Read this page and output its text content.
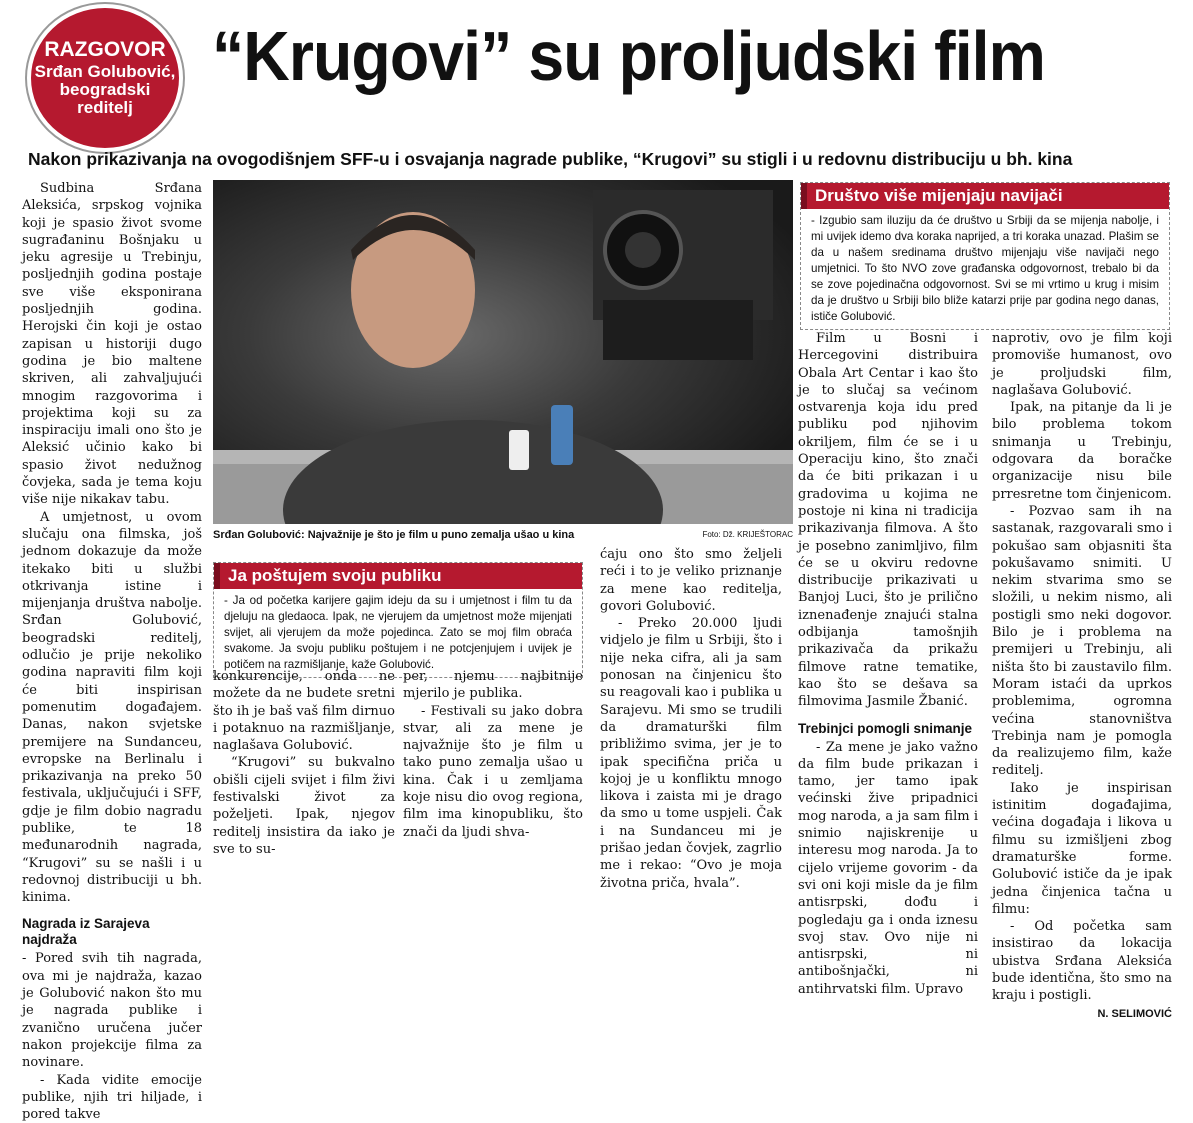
RAZGOVOR
Srđan Golubović, beogradski reditelj
“Krugovi” su proljudski film
Nakon prikazivanja na ovogodišnjem SFF-u i osvajanja nagrade publike, “Krugovi” su stigli i u redovnu distribuciju u bh. kina

Sudbina Srđana Aleksića, srpskog vojnika koji je spasio život svome sugrađaninu Bošnjaku u jeku agresije u Trebinju, posljednjih godina postaje sve više eksponirana posljednjih godina. Herojski čin koji je ostao zapisan u historiji dugo godina je bio maltene skriven, ali zahvaljujući mnogim razgovorima i projektima koji su za inspiraciju imali ono što je Aleksić učinio kako bi spasio život nedužnog čovjeka, sada je tema koju više nije nikakav tabu.

A umjetnost, u ovom slučaju ona filmska, još jednom dokazuje da može itekako biti u službi otkrivanja istine i mijenjanja društva nabolje. Srđan Golubović, beogradski reditelj, odlučio je prije nekoliko godina napraviti film koji će biti inspirisan pomenutim događajem. Danas, nakon svjetske premijere na Sundanceu, evropske na Berlinalu i prikazivanja na preko 50 festivala, uključujući i SFF, gdje je film dobio nagradu publike, te 18 međunarodnih nagrada, “Krugovi” su se našli i u redovnoj distribuciji u bh. kinima.

Nagrada iz Sarajeva najdraža

- Pored svih tih nagrada, ova mi je najdraža, kazao je Golubović nakon što mu je nagrada publike i zvanično uručena jučer nakon projekcije filma za novinare.

- Kada vidite emocije publike, njih tri hiljade, i pored takve

Srđan Golubović: Najvažnije je što je film u puno zemalja ušao u kina	Foto: Dž. KRIJEŠTORAC
Ja poštujem svoju publiku
- Ja od početka karijere gajim ideju da su i umjetnost i film tu da djeluju na gledaoca. Ipak, ne vjerujem da umjetnost može mijenjati svijet, ali vjerujem da može pojedinca. Zato se moj film obraća svakome. Ja svoju publiku poštujem i ne potcjenjujem i uvijek je potičem na razmišljanje, kaže Golubović.

konkurencije, onda ne možete da ne budete sretni što ih je baš vaš film dirnuo i potaknuo na razmišljanje, naglašava Golubović.

“Krugovi” su bukvalno obišli cijeli svijet i film živi festivalski život za poželjeti. Ipak, njegov reditelj insistira da iako je sve to su-

per, njemu najbitnije mjerilo je publika.

- Festivali su jako dobra stvar, ali za mene je najvažnije što je film u tako puno zemalja ušao u kina. Čak i u zemljama koje nisu dio ovog regiona, film ima kinopubliku, što znači da ljudi shva-

ćaju ono što smo željeli reći i to je veliko priznanje za mene kao reditelja, govori Golubović.

- Preko 20.000 ljudi vidjelo je film u Srbiji, što i nije neka cifra, ali ja sam ponosan na činjenicu što su reagovali kao i publika u Sarajevu. Mi smo se trudili da dramaturški film približimo svima, jer je to ipak specifična priča u kojoj je u konfliktu mnogo likova i zaista mi je drago da smo u tome uspjeli. Čak i na Sundanceu mi je prišao jedan čovjek, zagrlio me i rekao: “Ovo je moja životna priča, hvala”.

Društvo više mijenjaju navijači
- Izgubio sam iluziju da će društvo u Srbiji da se mijenja nabolje, i mi uvijek idemo dva koraka naprijed, a tri koraka unazad. Plašim se da u našem sredinama društvo mijenjaju više navijači nego umjetnici. To što NVO zove građanska odgovornost, trebalo bi da se zove pojedinačna odgovornost. Svi se mi vrtimo u krug i misim da je društvo u Srbiji bilo bliže katarzi prije par godina nego danas, ističe Golubović.

Film u Bosni i Hercegovini distribuira Obala Art Centar i kao što je to slučaj sa većinom ostvarenja koja idu pred publiku pod njihovim okriljem, film će se i u Operaciju kino, što znači da će biti prikazan i u gradovima u kojima ne postoje ni kina ni tradicija prikazivanja filmova. A što je posebno zanimljivo, film će se u okviru redovne distribucije prikazivati u Banjoj Luci, što je prilično iznenađenje znajući stalna odbijanja tamošnjih prikazivača da prikažu filmove ratne tematike, kao što se dešava sa filmovima Jasmile Žbanić.

Trebinjci pomogli snimanje

- Za mene je jako važno da film bude prikazan i tamo, jer tamo ipak većinski žive pripadnici mog naroda, a ja sam film i snimio najiskrenije u interesu mog naroda. Ja to cijelo vrijeme govorim - da svi oni koji misle da je film antisrpski, dođu i pogledaju ga i onda iznesu svoj stav. Ovo nije ni antisrpski, ni antibošnjački, ni antihrvatski film. Upravo

naprotiv, ovo je film koji promoviše humanost, ovo je proljudski film, naglašava Golubović.

Ipak, na pitanje da li je bilo problema tokom snimanja u Trebinju, odgovara da boračke organizacije nisu bile prresretne tom činjenicom.

- Pozvao sam ih na sastanak, razgovarali smo i pokušao sam objasniti šta pokušavamo snimiti. U nekim stvarima smo se složili, u nekim nismo, ali postigli smo neki dogovor. Bilo je i problema na premijeri u Trebinju, ali ništa što bi zaustavilo film. Moram istaći da uprkos problemima, ogromna većina stanovništva Trebinja nam je pomogla da realizujemo film, kaže reditelj.

Iako je inspirisan istinitim događajima, većina događaja i likova u filmu su izmišljeni zbog dramaturške forme. Golubović ističe da je ipak jedna činjenica tačna u filmu:

- Od početka sam insistirao da lokacija ubistva Srđana Aleksića bude identična, što smo na kraju i postigli.

N. SELIMOVIĆ
